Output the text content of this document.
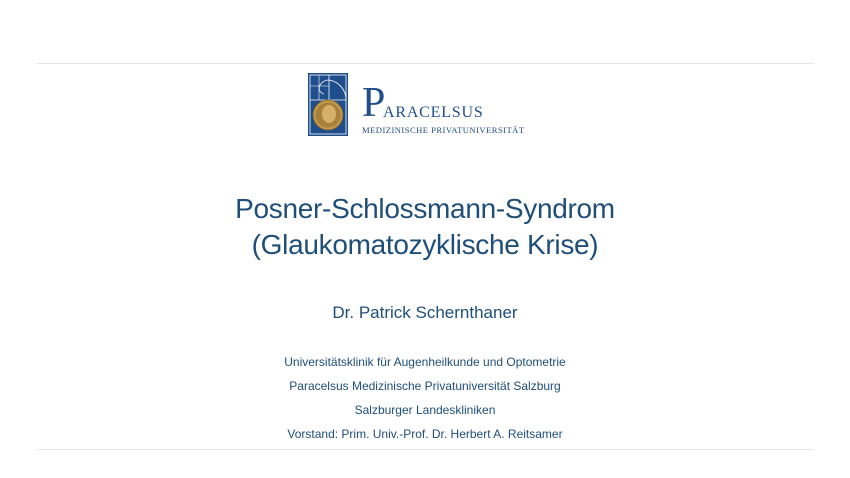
P
ARACELSUS
MEDIZINISCHE PRIVATUNIVERSITÄT
Posner-Schlossmann-Syndrom
(Glaukomatozyklische Krise)
Dr. Patrick Schernthaner
Universitätsklinik für Augenheilkunde und Optometrie
Paracelsus Medizinische Privatuniversität Salzburg
Salzburger Landeskliniken
Vorstand: Prim. Univ.-Prof. Dr. Herbert A. Reitsamer
